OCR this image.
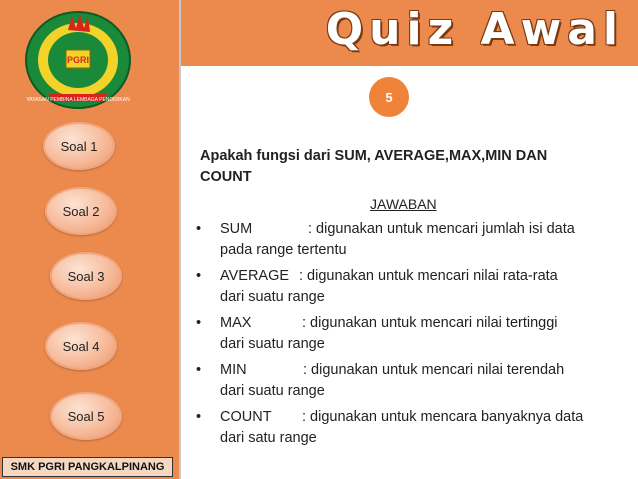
Quiz Awal
PGRI
YAYASAN PEMBINA LEMBAGA PENDIDIKAN
Soal 1
Soal 2
Soal 3
Soal 4
Soal 5
SMK PGRI PANGKALPINANG
5
Apakah fungsi dari SUM, AVERAGE,MAX,MIN DAN
COUNT
JAWABAN
• SUM	: digunakan untuk mencari jumlah isi data
pada range tertentu
• AVERAGE : digunakan untuk mencari nilai rata-rata
dari suatu range
• MAX	: digunakan untuk mencari nilai tertinggi
dari suatu range
• MIN	: digunakan untuk mencari nilai terendah
dari suatu range
• COUNT : digunakan untuk mencara banyaknya data
dari satu range
